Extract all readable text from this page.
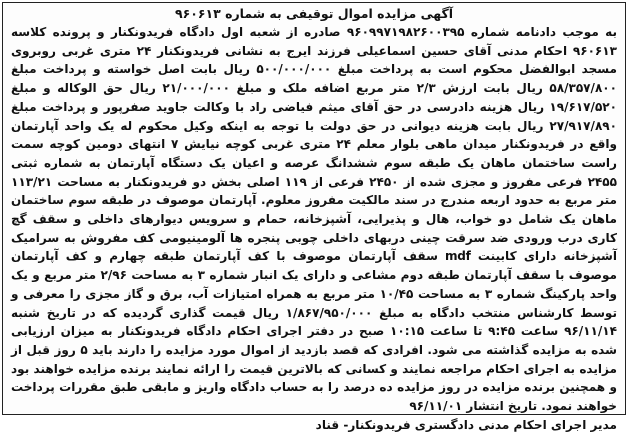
آگهی مزایده اموال توقیفی به شماره ۹۶۰۶۱۳

به موجب دادنامه شماره ۹۶۰۹۹۷۱۹۸۲۶۰۰۳۹۵ صادره از شعبه اول دادگاه فریدونکنار و پرونده کلاسه ۹۶۰۶۱۳ احکام مدنی آقای حسین اسماعیلی فرزند ایرج به نشانی فریدونکنار ۲۴ متری غربی روبروی مسجد ابوالفضل محکوم است به پرداخت مبلغ ۵۰۰/۰۰۰/۰۰۰ ریال بابت اصل خواسته و پرداخت مبلغ ۵۸/۳۵۷/۸۰۰ ریال بابت ارزش ۲/۳ متر مربع اضافه ملک و مبلغ ۲۱/۰۰۰/۰۰۰ ریال حق الوکاله و مبلغ ۱۹/۶۱۷/۵۲۰ ریال هزینه دادرسی در حق آقای میثم فیاضی راد با وکالت جاوید صفرپور و پرداخت مبلغ ۲۷/۹۱۷/۸۹۰ ریال بابت هزینه دیوانی در حق دولت با توجه به اینکه وکیل محکوم له یک واحد آپارتمان واقع در فریدونکنار میدان ماهی بلوار معلم ۲۴ متری غربی کوچه نیایش ۷ انتهای دومین کوچه سمت راست ساختمان ماهان یک طبقه سوم ششدانگ عرصه و اعیان یک دستگاه آپارتمان به شماره ثبتی ۲۴۵۵ فرعی مفروز و مجزی شده از ۲۴۵۰ فرعی از ۱۱۹ اصلی بخش دو فریدونکنار به مساحت ۱۱۳/۲۱ متر مربع به حدود اربعه مندرج در سند مالکیت مفروز معلوم. آپارتمان موصوف در طبقه سوم ساختمان ماهان یک شامل دو خواب، هال و پذیرایی، آشپزخانه، حمام و سرویس دیوارهای داخلی و سقف گچ کاری درب ورودی ضد سرقت چینی دربهای داخلی چوبی پنجره ها آلومینیومی کف مفروش به سرامیک آشپزخانه دارای کابینت mdf سقف آپارتمان موصوف با کف آپارتمان طبقه چهارم و کف آپارتمان موصوف با سقف آپارتمان طبقه دوم مشاعی و دارای یک انبار شماره ۳ به مساحت ۲/۹۶ متر مربع و یک واحد پارکینگ شماره ۳ به مساحت ۱۰/۴۵ متر مربع به همراه امتیازات آب، برق و گاز مجزی را معرفی و توسط کارشناس منتخب دادگاه به مبلغ ۱/۸۶۷/۹۵۰/۰۰۰ ریال قیمت گذاری گردیده که در تاریخ شنبه ۹۶/۱۱/۱۴ ساعت ۹:۴۵ تا ساعت ۱۰:۱۵ صبح در دفتر اجرای احکام دادگاه فریدونکنار به میزان ارزیابی شده به مزایده گذاشته می شود. افرادی که قصد بازدید از اموال مورد مزایده را دارند باید ۵ روز قبل از مزایده به اجرای احکام مراجعه نمایند و کسانی که بالاترین قیمت را ارائه نمایند برنده مزایده خواهند بود و همچنین برنده مزایده در روز مزایده ده درصد را به حساب دادگاه واریز و مابقی طبق مقررات پرداخت خواهند نمود. تاریخ انتشار ۹۶/۱۱/۰۱

مدیر اجرای احکام مدنی دادگستری فریدونکنار- قناد
